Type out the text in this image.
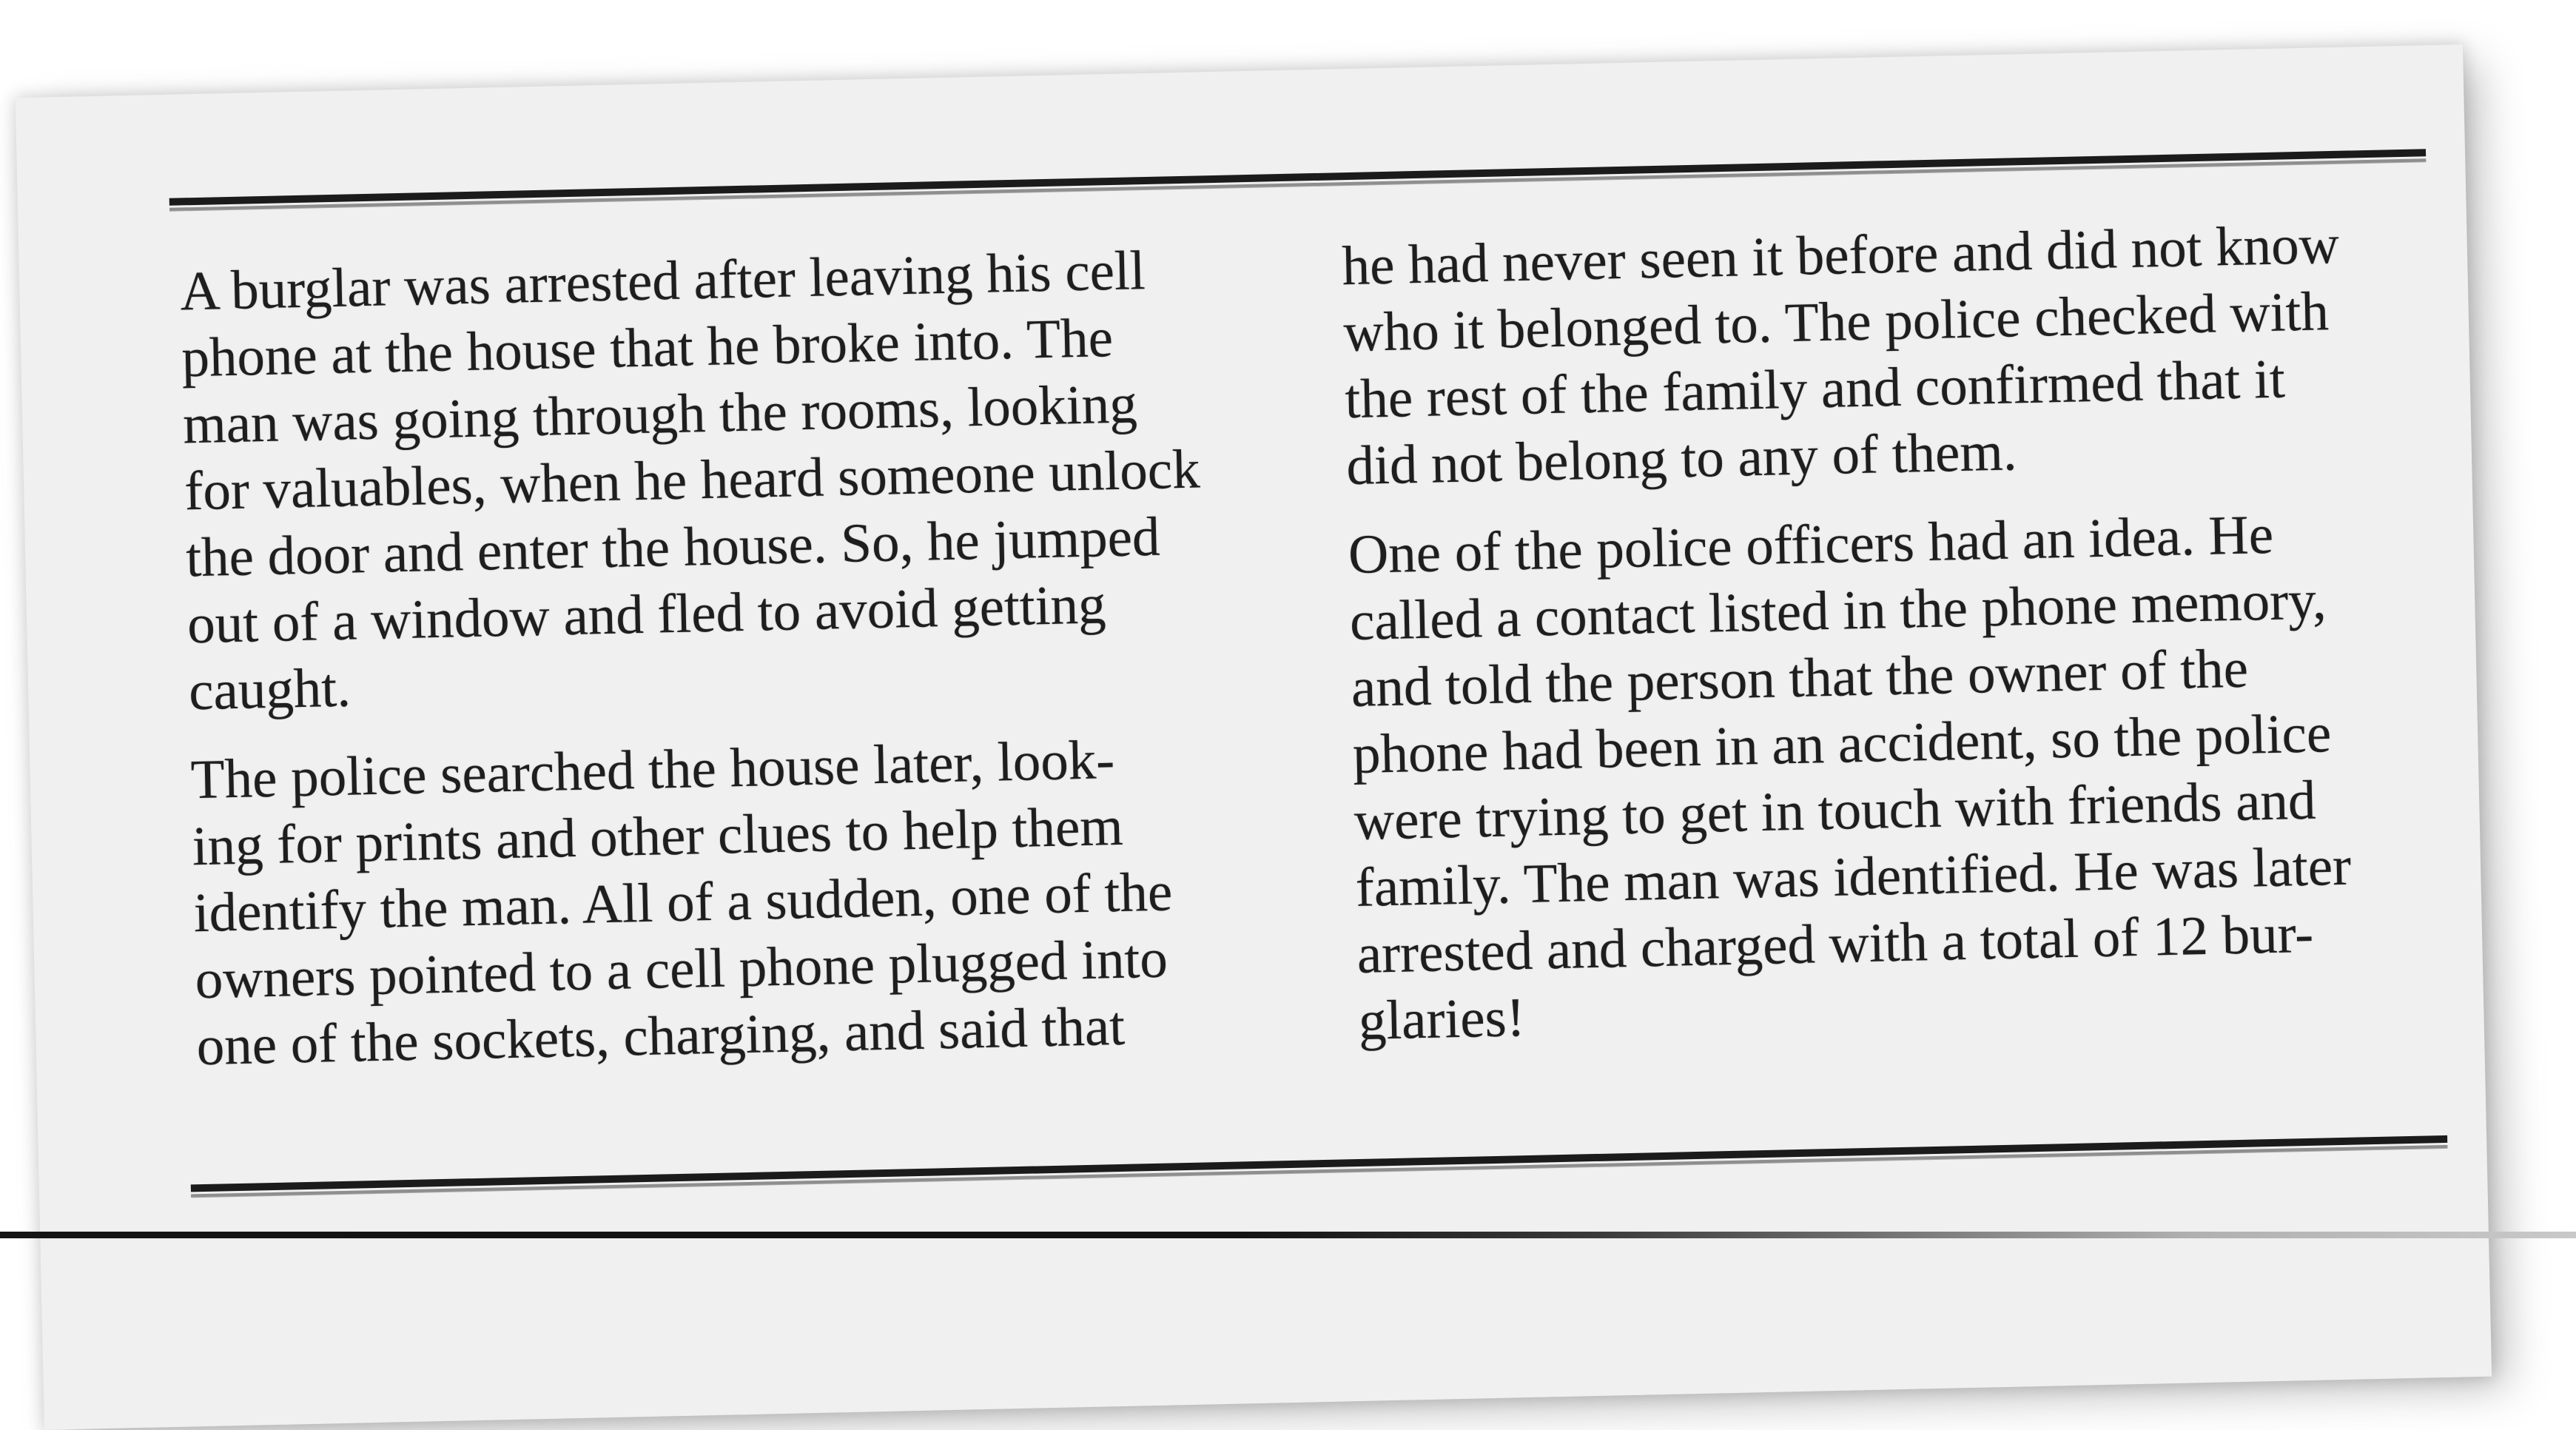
A burglar was arrested after leaving his cell
phone at the house that he broke into. The
man was going through the rooms, looking
for valuables, when he heard someone unlock
the door and enter the house. So, he jumped
out of a window and fled to avoid getting
caught.

The police searched the house later, look-
ing for prints and other clues to help them
identify the man. All of a sudden, one of the
owners pointed to a cell phone plugged into
one of the sockets, charging, and said that

he had never seen it before and did not know
who it belonged to. The police checked with
the rest of the family and confirmed that it
did not belong to any of them.

One of the police officers had an idea. He
called a contact listed in the phone memory,
and told the person that the owner of the
phone had been in an accident, so the police
were trying to get in touch with friends and
family. The man was identified. He was later
arrested and charged with a total of 12 bur-
glaries!
